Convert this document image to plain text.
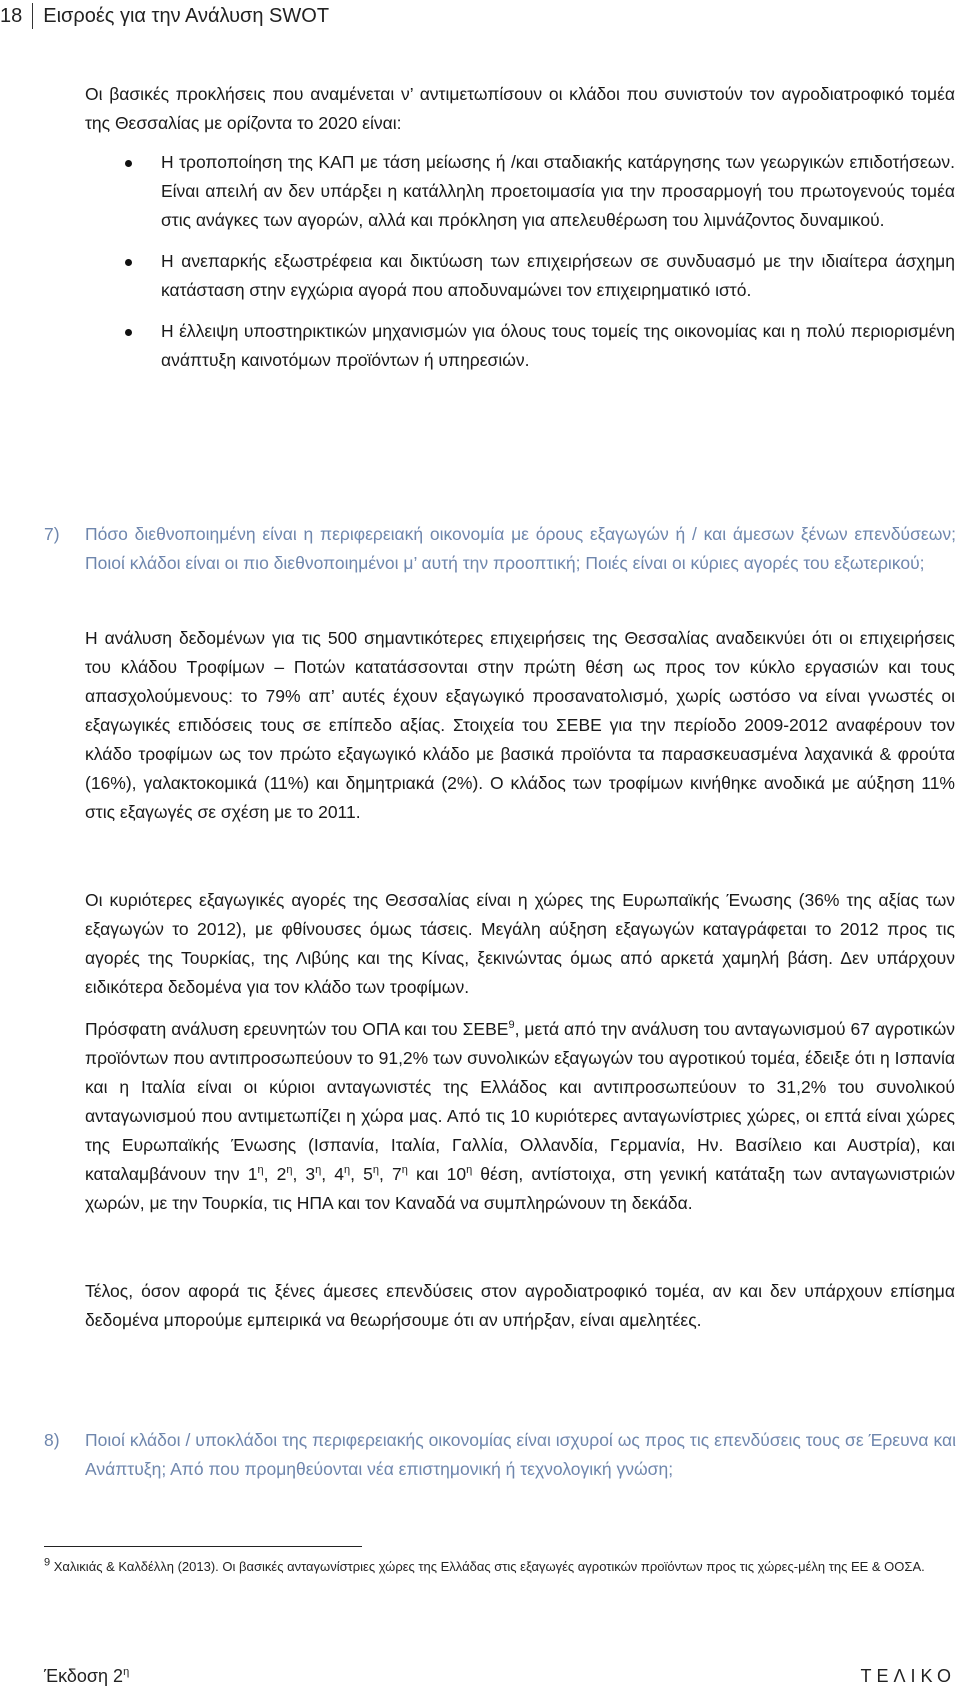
18	Εισροές για την Ανάλυση SWOT
Οι βασικές προκλήσεις που αναμένεται ν’ αντιμετωπίσουν οι κλάδοι που συνιστούν τον αγροδιατροφικό τομέα της Θεσσαλίας με ορίζοντα το 2020 είναι:
Η τροποποίηση της ΚΑΠ με τάση μείωσης ή /και σταδιακής κατάργησης των γεωργικών επιδοτήσεων. Είναι απειλή αν δεν υπάρξει η κατάλληλη προετοιμασία για την προσαρμογή του πρωτογενούς τομέα στις ανάγκες των αγορών, αλλά και πρόκληση για απελευθέρωση του λιμνάζοντος δυναμικού.
Η ανεπαρκής εξωστρέφεια και δικτύωση των επιχειρήσεων σε συνδυασμό με την ιδιαίτερα άσχημη κατάσταση στην εγχώρια αγορά που αποδυναμώνει τον επιχειρηματικό ιστό.
Η έλλειψη υποστηρικτικών μηχανισμών για όλους τους τομείς της οικονομίας και η πολύ περιορισμένη ανάπτυξη καινοτόμων προϊόντων ή υπηρεσιών.
7)	Πόσο διεθνοποιημένη είναι η περιφερειακή οικονομία με όρους εξαγωγών ή / και άμεσων ξένων επενδύσεων; Ποιοί κλάδοι είναι οι πιο διεθνοποιημένοι μ’ αυτή την προοπτική; Ποιές είναι οι κύριες αγορές του εξωτερικού;

Η ανάλυση δεδομένων για τις 500 σημαντικότερες επιχειρήσεις της Θεσσαλίας αναδεικνύει ότι οι επιχειρήσεις του κλάδου Τροφίμων – Ποτών κατατάσσονται στην πρώτη θέση ως προς τον κύκλο εργασιών και τους απασχολούμενους: το 79% απ’ αυτές έχουν εξαγωγικό προσανατολισμό, χωρίς ωστόσο να είναι γνωστές οι εξαγωγικές επιδόσεις τους σε επίπεδο αξίας. Στοιχεία του ΣΕΒΕ για την περίοδο 2009-2012 αναφέρουν τον κλάδο τροφίμων ως τον πρώτο εξαγωγικό κλάδο με βασικά προϊόντα τα παρασκευασμένα λαχανικά & φρούτα (16%), γαλακτοκομικά (11%) και δημητριακά (2%). Ο κλάδος των τροφίμων κινήθηκε ανοδικά με αύξηση 11% στις εξαγωγές σε σχέση με το 2011.

Οι κυριότερες εξαγωγικές αγορές της Θεσσαλίας είναι η χώρες της Ευρωπαϊκής Ένωσης (36% της αξίας των εξαγωγών το 2012), με φθίνουσες όμως τάσεις. Μεγάλη αύξηση εξαγωγών καταγράφεται το 2012 προς τις αγορές της Τουρκίας, της Λιβύης και της Κίνας, ξεκινώντας όμως από αρκετά χαμηλή βάση. Δεν υπάρχουν ειδικότερα δεδομένα για τον κλάδο των τροφίμων.

Πρόσφατη ανάλυση ερευνητών του ΟΠΑ και του ΣΕΒΕ$^9$, μετά από την ανάλυση του ανταγωνισμού 67 αγροτικών προϊόντων που αντιπροσωπεύουν το 91,2% των συνολικών εξαγωγών του αγροτικού τομέα, έδειξε ότι η Ισπανία και η Ιταλία είναι οι κύριοι ανταγωνιστές της Ελλάδος και αντιπροσωπεύουν το 31,2% του συνολικού ανταγωνισμού που αντιμετωπίζει η χώρα μας. Από τις 10 κυριότερες ανταγωνίστριες χώρες, οι επτά είναι χώρες της Ευρωπαϊκής Ένωσης (Ισπανία, Ιταλία, Γαλλία, Ολλανδία, Γερμανία, Ην. Βασίλειο και Αυστρία), και καταλαμβάνουν την $1^\eta$, $2^\eta$, $3^\eta$, $4^\eta$, $5^\eta$, $7^\eta$ και $10^\eta$ θέση, αντίστοιχα, στη γενική κατάταξη των ανταγωνιστριών χωρών, με την Τουρκία, τις ΗΠΑ και τον Καναδά να συμπληρώνουν τη δεκάδα.

Τέλος, όσον αφορά τις ξένες άμεσες επενδύσεις στον αγροδιατροφικό τομέα, αν και δεν υπάρχουν επίσημα δεδομένα μπορούμε εμπειρικά να θεωρήσουμε ότι αν υπήρξαν, είναι αμελητέες.

8)	Ποιοί κλάδοι / υποκλάδοι της περιφερειακής οικονομίας είναι ισχυροί ως προς τις επενδύσεις τους σε Έρευνα και Ανάπτυξη; Από που προμηθεύονται νέα επιστημονική ή τεχνολογική γνώση;
$^9$ Χαλικιάς & Καλδέλλη (2013). Οι βασικές ανταγωνίστριες χώρες της Ελλάδας στις εξαγωγές αγροτικών προϊόντων προς τις χώρες-μέλη της ΕΕ & ΟΟΣΑ.
Έκδοση $2^\eta$	ΤΕΛΙΚΟ
